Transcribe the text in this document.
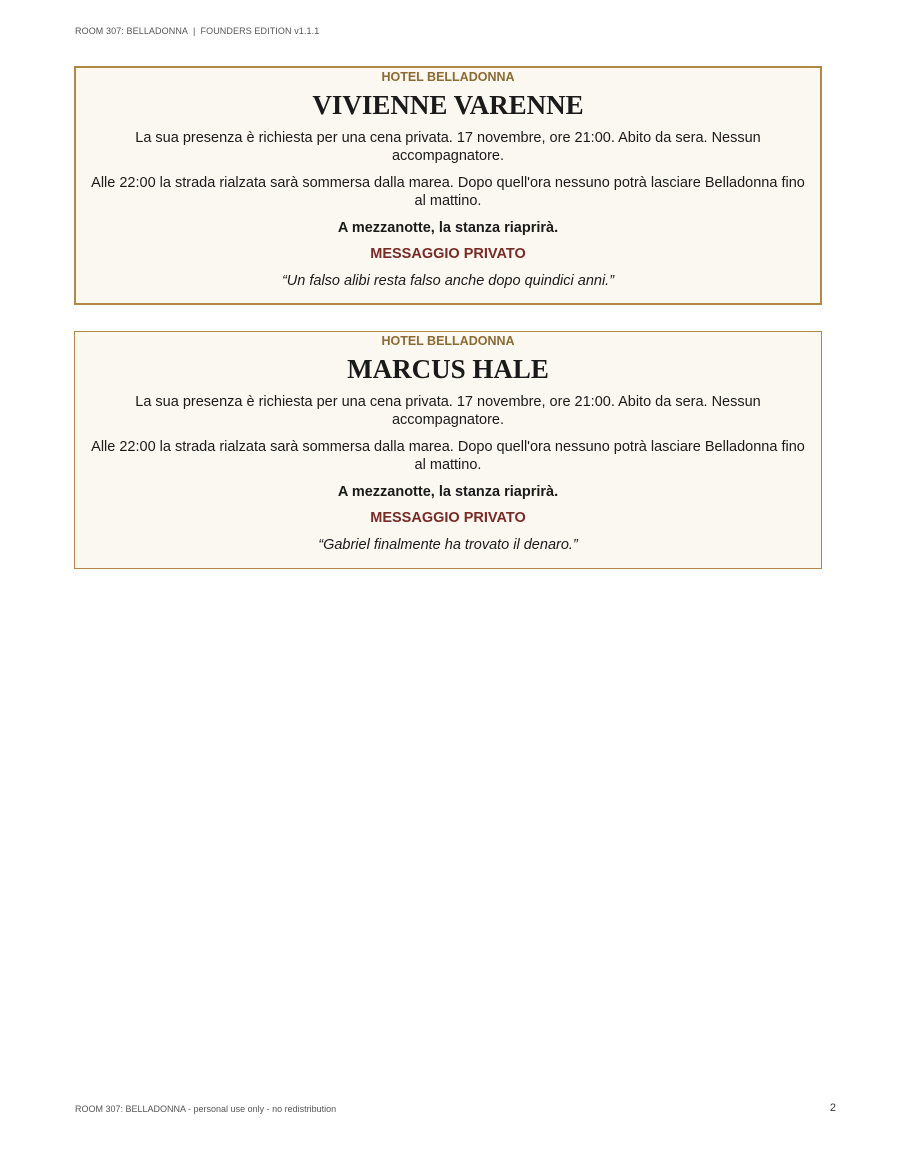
ROOM 307: BELLADONNA | FOUNDERS EDITION v1.1.1
HOTEL BELLADONNA
VIVIENNE VARENNE
La sua presenza è richiesta per una cena privata. 17 novembre, ore 21:00. Abito da sera. Nessun accompagnatore.
Alle 22:00 la strada rialzata sarà sommersa dalla marea. Dopo quell'ora nessuno potrà lasciare Belladonna fino al mattino.
A mezzanotte, la stanza riaprirà.
MESSAGGIO PRIVATO
“Un falso alibi resta falso anche dopo quindici anni.”
HOTEL BELLADONNA
MARCUS HALE
La sua presenza è richiesta per una cena privata. 17 novembre, ore 21:00. Abito da sera. Nessun accompagnatore.
Alle 22:00 la strada rialzata sarà sommersa dalla marea. Dopo quell'ora nessuno potrà lasciare Belladonna fino al mattino.
A mezzanotte, la stanza riaprirà.
MESSAGGIO PRIVATO
“Gabriel finalmente ha trovato il denaro.”
ROOM 307: BELLADONNA - personal use only - no redistribution	2
